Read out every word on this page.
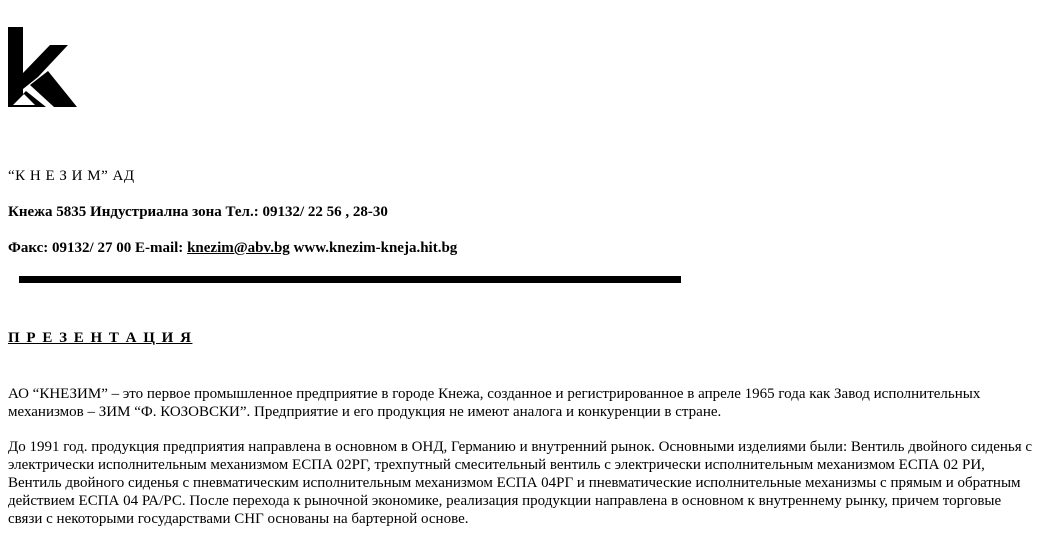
“К Н Е З И М” АД
Кнежа 5835 Индустриална зона Тел.: 09132/ 22 56 , 28-30
Факс: 09132/ 27 00 E-mail: knezim@abv.bg www.knezim-kneja.hit.bg
П Р Е З Е Н Т А Ц И Я
АО “КНЕЗИМ” – это первое промышленное предприятие в городе Кнежа, созданное и регистрированное в апреле 1965 года как Завод исполнительных механизмов – ЗИМ “Ф. КОЗОВСКИ”. Предприятие и его продукция не имеют аналога и конкуренции в стране.
До 1991 год. продукция предприятия направлена в основном в ОНД, Германию и внутренний рынок. Основными изделиями были: Вентиль двойного сиденья с электрически исполнительным механизмом ЕСПА 02РГ, трехпутный смесительный вентиль с электрически исполнительным механизмом ЕСПА 02 РИ, Вентиль двойного сиденья с пневматическим исполнительным механизмом ЕСПА 04РГ и пневматические исполнительные механизмы с прямым и обратным действием ЕСПА 04 РА/РС. После перехода к рыночной экономике, реализация продукции направлена в основном к внутреннему рынку, причем торговые связи с некоторыми государствами СНГ основаны на бартерной основе.
